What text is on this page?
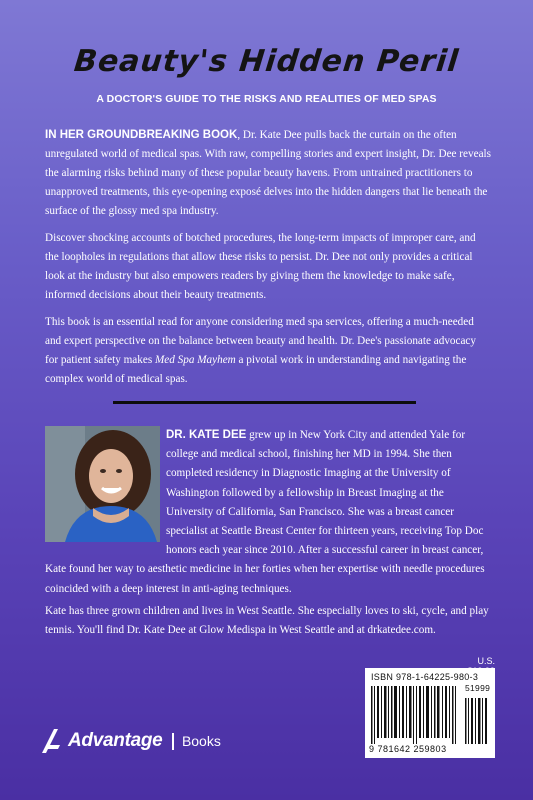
Beauty's Hidden Peril
A DOCTOR'S GUIDE TO THE RISKS AND REALITIES OF MED SPAS

IN HER GROUNDBREAKING BOOK, Dr. Kate Dee pulls back the curtain on the often unregulated world of medical spas. With raw, compelling stories and expert insight, Dr. Dee reveals the alarming risks behind many of these popular beauty havens. From untrained practitioners to unapproved treatments, this eye-opening exposé delves into the hidden dangers that lie beneath the surface of the glossy med spa industry.

Discover shocking accounts of botched procedures, the long-term impacts of improper care, and the loopholes in regulations that allow these risks to persist. Dr. Dee not only provides a critical look at the industry but also empowers readers by giving them the knowledge to make safe, informed decisions about their beauty treatments.

This book is an essential read for anyone considering med spa services, offering a much-needed and expert perspective on the balance between beauty and health. Dr. Dee's passionate advocacy for patient safety makes Med Spa Mayhem a pivotal work in understanding and navigating the complex world of medical spas.

DR. KATE DEE grew up in New York City and attended Yale for college and medical school, finishing her MD in 1994. She then completed residency in Diagnostic Imaging at the University of Washington followed by a fellowship in Breast Imaging at the University of California, San Francisco. She was a breast cancer specialist at Seattle Breast Center for thirteen years, receiving Top Doc honors each year since 2010. After a successful career in breast cancer, Kate found her way to aesthetic medicine in her forties when her expertise with needle procedures coincided with a deep interest in anti-aging techniques.

Kate has three grown children and lives in West Seattle. She especially loves to ski, cycle, and play tennis. You'll find Dr. Kate Dee at Glow Medispa in West Seattle and at drkatedee.com.

U.S.
ISBN 978-1-64225-980-3
51999
9 781642 259803
Advantage Books
